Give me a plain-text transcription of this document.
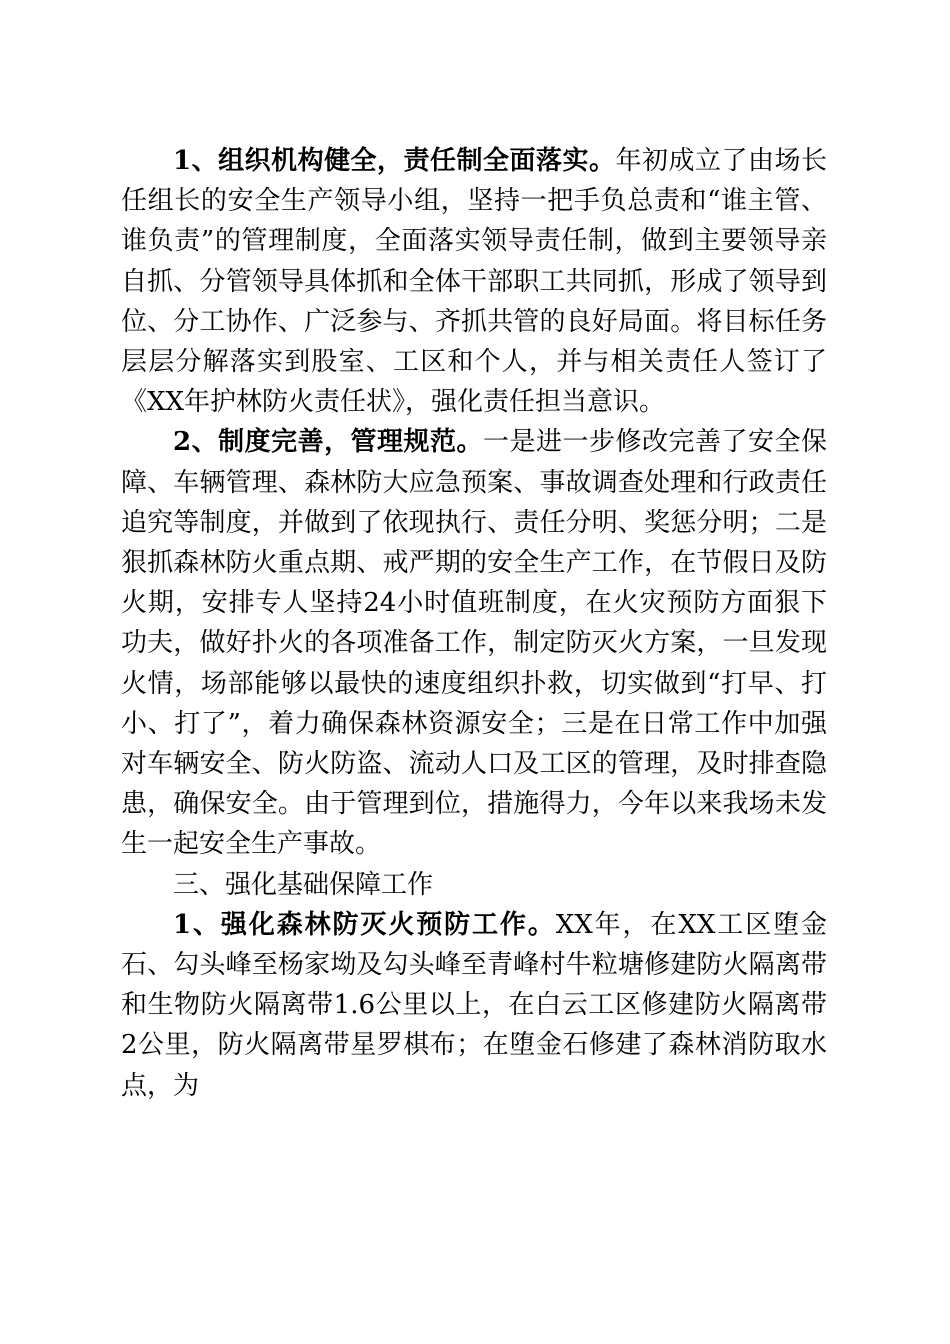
1、组织机构健全，责任制全面落实。年初成立了由场长任组长的安全生产领导小组，坚持一把手负总责和“谁主管、谁负责”的管理制度，全面落实领导责任制，做到主要领导亲自抓、分管领导具体抓和全体干部职工共同抓，形成了领导到位、分工协作、广泛参与、齐抓共管的良好局面。将目标任务层层分解落实到股室、工区和个人，并与相关责任人签订了《XX年护林防火责任状》，强化责任担当意识。

2、制度完善，管理规范。一是进一步修改完善了安全保障、车辆管理、森林防大应急预案、事故调查处理和行政责任追究等制度，并做到了依现执行、责任分明、奖惩分明；二是狠抓森林防火重点期、戒严期的安全生产工作，在节假日及防火期，安排专人坚持24小时值班制度，在火灾预防方面狠下功夫，做好扑火的各项准备工作，制定防灭火方案，一旦发现火情，场部能够以最快的速度组织扑救，切实做到“打早、打小、打了”，着力确保森林资源安全；三是在日常工作中加强对车辆安全、防火防盗、流动人口及工区的管理，及时排查隐患，确保安全。由于管理到位，措施得力，今年以来我场未发生一起安全生产事故。

三、强化基础保障工作

1、强化森林防灭火预防工作。XX年，在XX工区堕金石、勾头峰至杨家坳及勾头峰至青峰村牛粒塘修建防火隔离带和生物防火隔离带1.6公里以上，在白云工区修建防火隔离带2公里，防火隔离带星罗棋布；在堕金石修建了森林消防取水点，为
